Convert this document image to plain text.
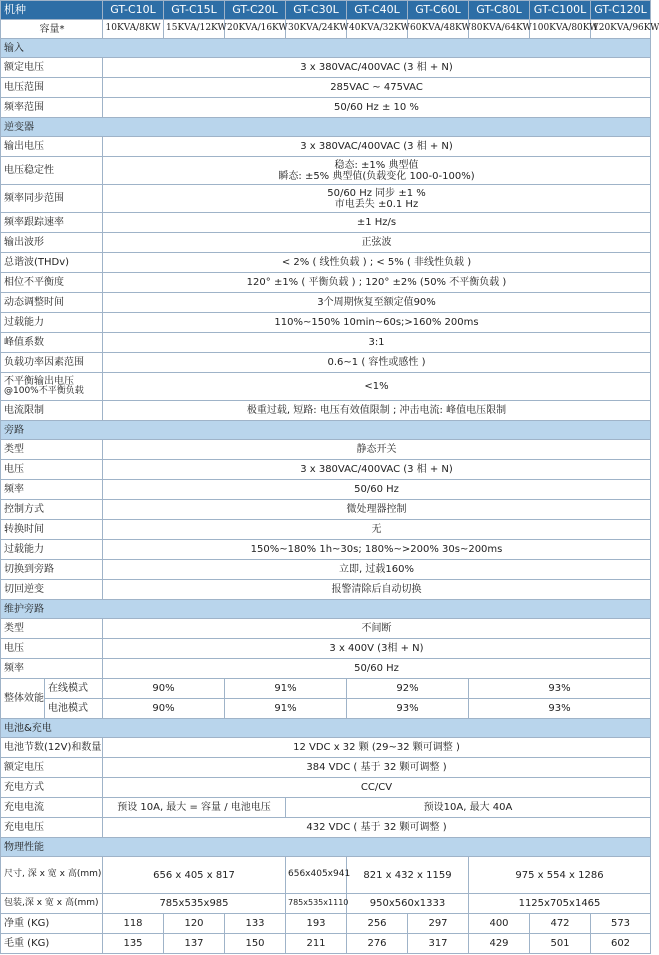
机种		GT-C10L	GT-C15L	GT-C20L	GT-C30L	GT-C40L	GT-C60L	GT-C80L	GT-C100L	GT-C120L
容量*		10KVA/8KW	15KVA/12KW	20KVA/16KW	30KVA/24KW	40KVA/32KW	60KVA/48KW	80KVA/64KW	100KVA/80KW	120KVA/96KW
输入										
额定电压		3 x 380VAC/400VAC (3 相 + N)								
电压范围		285VAC ~ 475VAC								
频率范围		50/60 Hz ± 10 %								
逆变器										
输出电压		3 x 380VAC/400VAC (3 相 + N)								
电压稳定性		稳态: ±1% 典型值
瞬态: ±5% 典型值(负载变化 100-0-100%)								

频率同步范围		50/60 Hz 同步 ±1 %
市电丢失 ±0.1 Hz								

频率跟踪速率		±1 Hz/s								
输出波形		正弦波								
总谐波(THDv)		< 2% ( 线性负载 ) ; < 5% ( 非线性负载 )								
相位不平衡度		120° ±1% ( 平衡负载 ) ; 120° ±2% (50% 不平衡负载 )								
动态调整时间		3个周期恢复至额定值90%								
过载能力		110%~150% 10min~60s;>160% 200ms								
峰值系数		3:1								
负载功率因素范围		0.6~1 ( 容性或感性 )								

不平衡输出电压
@100%不平衡负载		<1%								
电流限制		极重过载, 短路: 电压有效值限制 ; 冲击电流: 峰值电压限制								
旁路										
类型		静态开关								
电压		3 x 380VAC/400VAC (3 相 + N)								
频率		50/60 Hz								
控制方式		微处理器控制								
转换时间		无								
过载能力		150%~180% 1h~30s; 180%~>200% 30s~200ms								
切换到旁路		立即, 过载160%								
切回逆变		报警清除后自动切换								
维护旁路										
类型		不间断								
电压		3 x 400V (3相 + N)								
频率		50/60 Hz								
整体效能	在线模式	90%		91%		92%		93%		
	电池模式	90%		91%		93%		93%		
电池&充电										
电池节数(12V)和数量		12 VDC x 32 颗 (29~32 颗可调整 )								
额定电压		384 VDC ( 基于 32 颗可调整 )								
充电方式		CC/CV								
充电电流		预设 10A, 最大 = 容量 / 电池电压			预设10A, 最大 40A					
充电电压		432 VDC ( 基于 32 颗可调整 )								
物理性能										
尺寸, 深 x 宽 x 高(mm)		656 x 405 x 817			656x405x941	821 x 432 x 1159		975 x 554 x 1286		
包装,深 x 宽 x 高(mm)		785x535x985			785x535x1110	950x560x1333		1125x705x1465		
净重 (KG)		118	120	133	193	256	297	400	472	573
毛重 (KG)		135	137	150	211	276	317	429	501	602
